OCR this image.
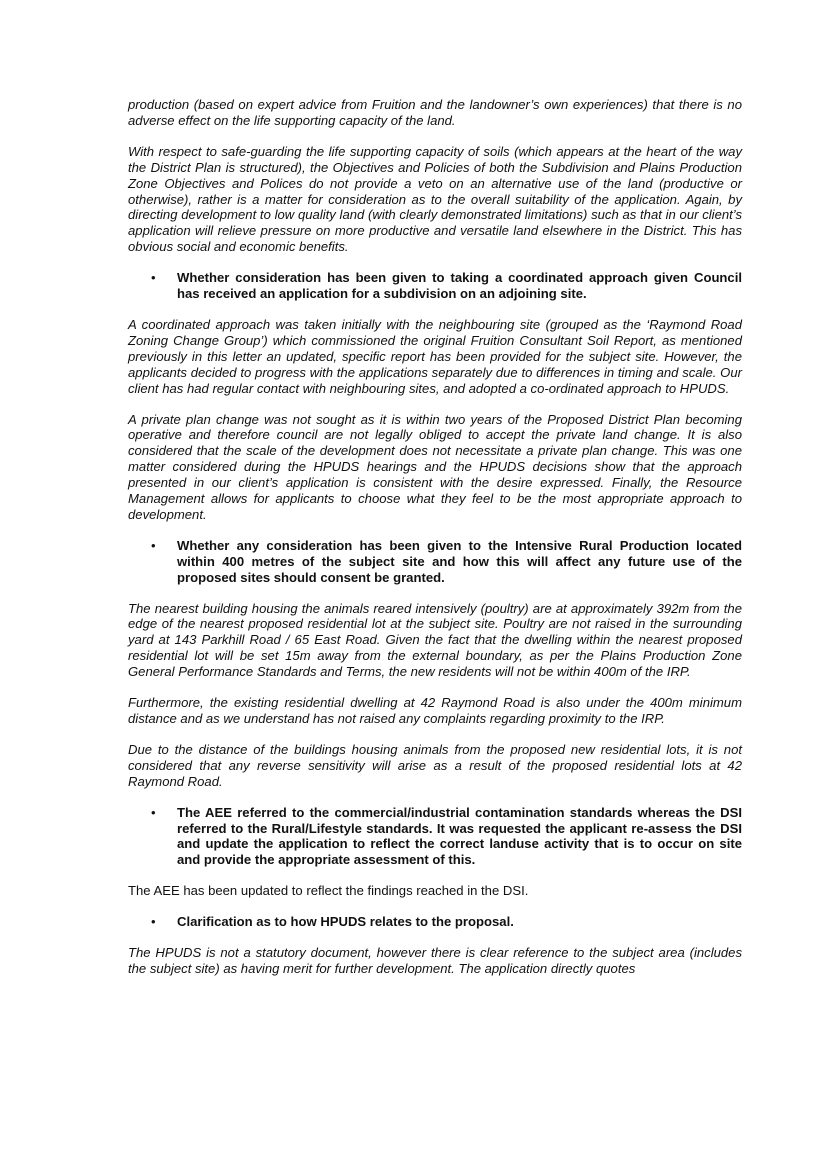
production (based on expert advice from Fruition and the landowner’s own experiences) that there is no adverse effect on the life supporting capacity of the land.

With respect to safe-guarding the life supporting capacity of soils (which appears at the heart of the way the District Plan is structured), the Objectives and Policies of both the Subdivision and Plains Production Zone Objectives and Polices do not provide a veto on an alternative use of the land (productive or otherwise), rather is a matter for consideration as to the overall suitability of the application. Again, by directing development to low quality land (with clearly demonstrated limitations) such as that in our client’s application will relieve pressure on more productive and versatile land elsewhere in the District. This has obvious social and economic benefits.

• Whether consideration has been given to taking a coordinated approach given Council has received an application for a subdivision on an adjoining site.

A coordinated approach was taken initially with the neighbouring site (grouped as the ‘Raymond Road Zoning Change Group’) which commissioned the original Fruition Consultant Soil Report, as mentioned previously in this letter an updated, specific report has been provided for the subject site. However, the applicants decided to progress with the applications separately due to differences in timing and scale. Our client has had regular contact with neighbouring sites, and adopted a co-ordinated approach to HPUDS.

A private plan change was not sought as it is within two years of the Proposed District Plan becoming operative and therefore council are not legally obliged to accept the private land change. It is also considered that the scale of the development does not necessitate a private plan change. This was one matter considered during the HPUDS hearings and the HPUDS decisions show that the approach presented in our client’s application is consistent with the desire expressed. Finally, the Resource Management allows for applicants to choose what they feel to be the most appropriate approach to development.

• Whether any consideration has been given to the Intensive Rural Production located within 400 metres of the subject site and how this will affect any future use of the proposed sites should consent be granted.

The nearest building housing the animals reared intensively (poultry) are at approximately 392m from the edge of the nearest proposed residential lot at the subject site. Poultry are not raised in the surrounding yard at 143 Parkhill Road / 65 East Road. Given the fact that the dwelling within the nearest proposed residential lot will be set 15m away from the external boundary, as per the Plains Production Zone General Performance Standards and Terms, the new residents will not be within 400m of the IRP.

Furthermore, the existing residential dwelling at 42 Raymond Road is also under the 400m minimum distance and as we understand has not raised any complaints regarding proximity to the IRP.

Due to the distance of the buildings housing animals from the proposed new residential lots, it is not considered that any reverse sensitivity will arise as a result of the proposed residential lots at 42 Raymond Road.

• The AEE referred to the commercial/industrial contamination standards whereas the DSI referred to the Rural/Lifestyle standards. It was requested the applicant re-assess the DSI and update the application to reflect the correct landuse activity that is to occur on site and provide the appropriate assessment of this.

The AEE has been updated to reflect the findings reached in the DSI.

• Clarification as to how HPUDS relates to the proposal.

The HPUDS is not a statutory document, however there is clear reference to the subject area (includes the subject site) as having merit for further development. The application directly quotes
